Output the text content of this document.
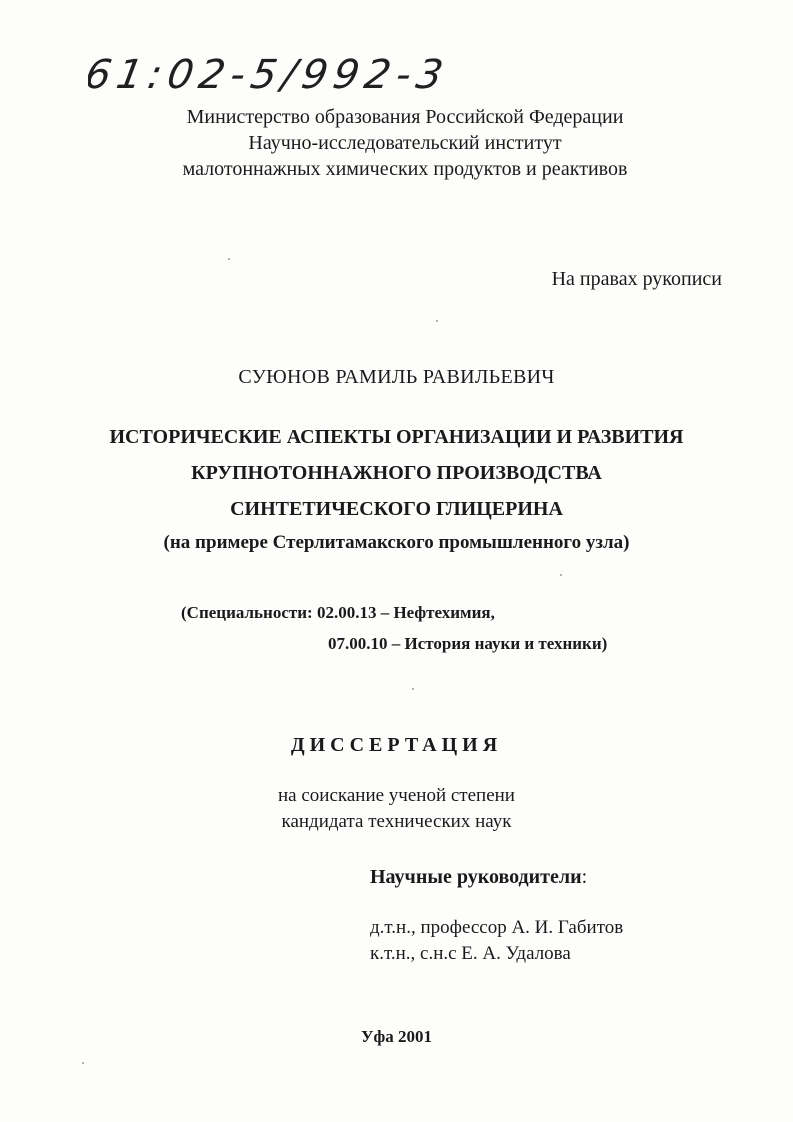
61:02-5/992-3
Министерство образования Российской Федерации
Научно-исследовательский институт
малотоннажных химических продуктов и реактивов
На правах рукописи
СУЮНОВ РАМИЛЬ РАВИЛЬЕВИЧ
ИСТОРИЧЕСКИЕ АСПЕКТЫ ОРГАНИЗАЦИИ И РАЗВИТИЯ
КРУПНОТОННАЖНОГО ПРОИЗВОДСТВА
СИНТЕТИЧЕСКОГО ГЛИЦЕРИНА
(на примере Стерлитамакского промышленного узла)
(Специальности: 02.00.13 – Нефтехимия,
07.00.10 – История науки и техники)
ДИССЕРТАЦИЯ
на соискание ученой степени
кандидата технических наук
Научные руководители:
д.т.н., профессор А. И. Габитов
к.т.н., с.н.с Е. А. Удалова
Уфа 2001
